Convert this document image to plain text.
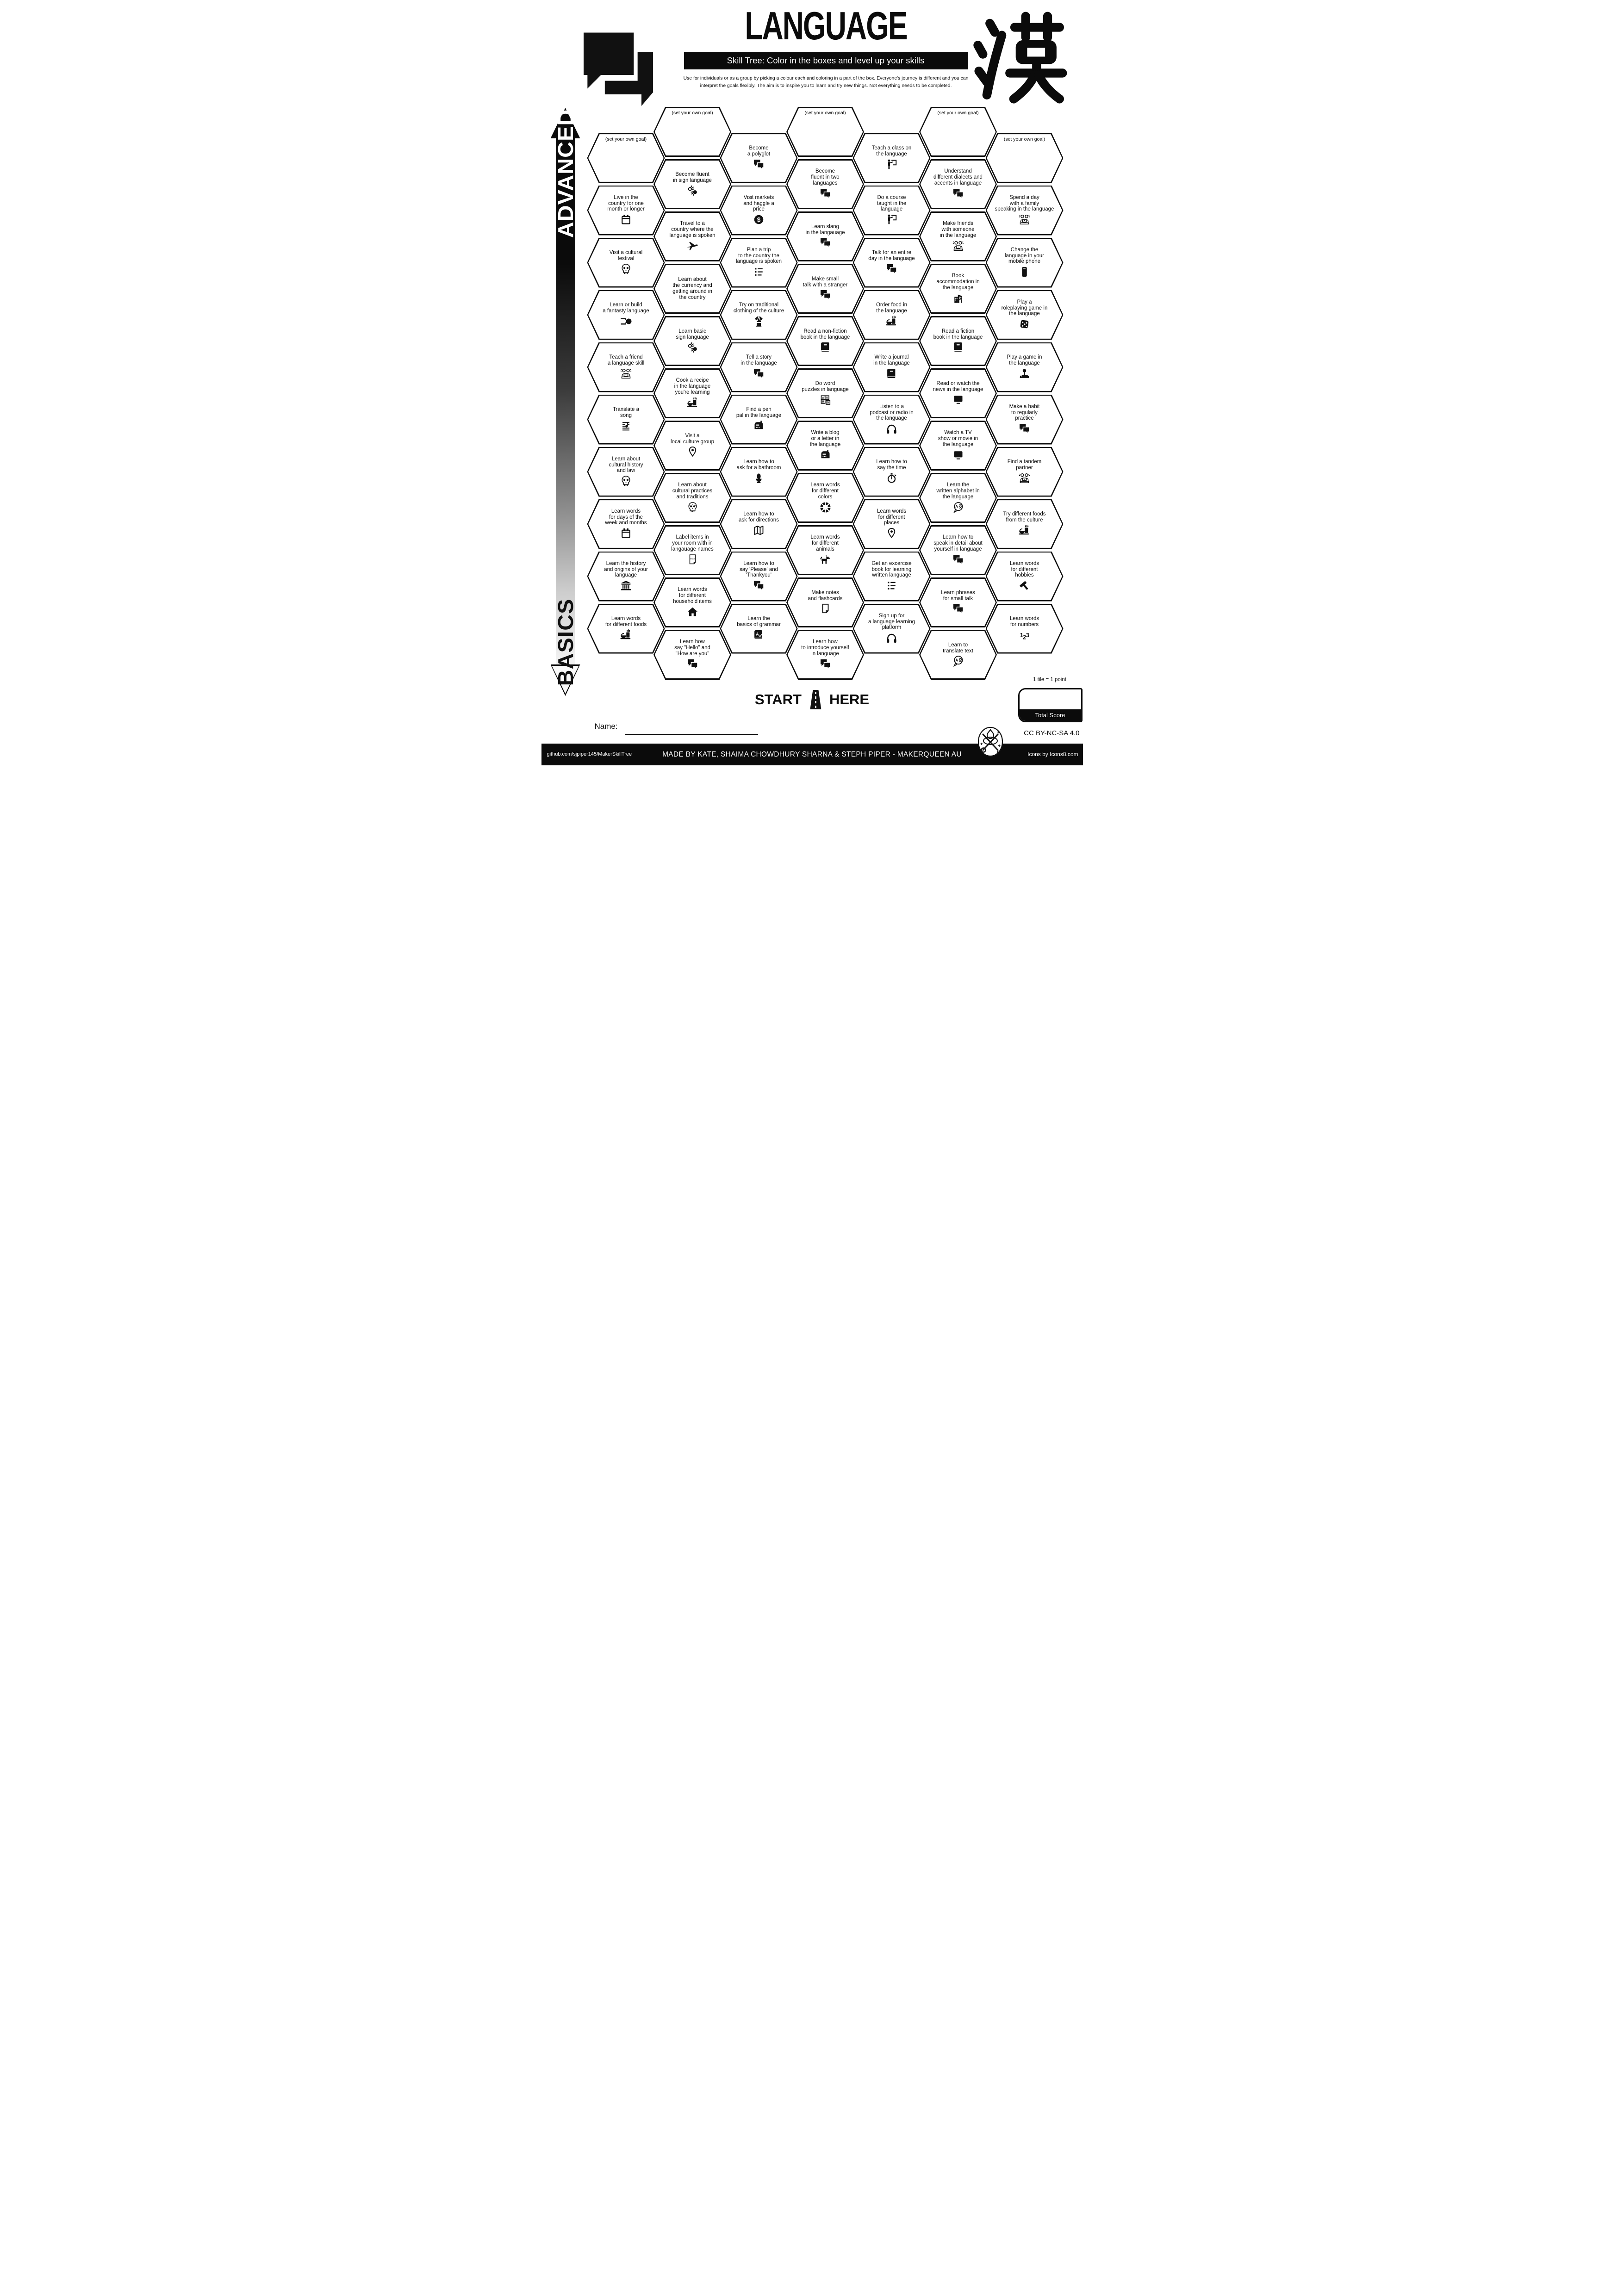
LANGUAGE
Skill Tree: Color in the boxes and level up your skills
Use for individuals or as a group by picking a colour each and coloring in a part of the box. Everyone's journey is different and you can interpret the goals flexibly. The aim is to inspire you to learn and try new things. Not everything needs to be completed.
ADVANCED
BASICS
(set your own goal)
Live in the
country for one
month or longer
Visit a cultural
festival
Learn or build
a fantasty language
Teach a friend
a language skill
Translate a
song
Learn about
cultural history
and law
Learn words
for days of the
week and months
Learn the history
and origins of your
language
Learn words
for different foods
(set your own goal)
Become fluent
in sign language
Travel to a
country where the
language is spoken
Learn about
the currency and
getting around in
the country
Learn basic
sign language
Cook a recipe
in the language
you're learning
Visit a
local culture group
Learn about
cultural practices
and traditions
Label items in
your room with in
langauage names
Learn words
for different
household items
Learn how
say "Hello" and
"How are you"
Become
a polyglot
Visit markets
and haggle a
price
Plan a trip
to the country the
language is spoken
Try on traditional
clothing of the culture
Tell a story
in the language
Find a pen
pal in the language
Learn how to
ask for a bathroom
Learn how to
ask for directions
Learn how to
say 'Please' and
'Thankyou'
Learn the
basics of grammar
(set your own goal)
Become
fluent in two
languages
Learn slang
in the langauage
Make small
talk with a stranger
Read a non-fiction
book in the language
Do word
puzzles in language
Write a blog
or a letter in
the language
Learn words
for different
colors
Learn words
for different
animals
Make notes
and flashcards
Learn how
to introduce yourself
in language
Teach a class on
the language
Do a course
taught in the
language
Talk for an entire
day in the language
Order food in
the language
Write a journal
in the language
Listen to a
podcast or radio in
the language
Learn how to
say the time
Learn words
for different
places
Get an excercise
book for learning
written language
Sign up for
a language learning
platform
(set your own goal)
Understand
different dialects and
accents in language
Make friends
with someone
in the language
Book
accommodation in
the language
Read a fiction
book in the language
Read or watch the
news in the language
Watch a TV
show or movie in
the language
Learn the
written alphabet in
the language
Learn how to
speak in detail about
yourself in language
Learn phrases
for small talk
Learn to
translate text
(set your own goal)
Spend a day
with a family
speaking in the language
Change the
language in your
mobile phone
Play a
roleplaying game in
the language
Play a game in
the language
Make a habit
to regularly
practice
Find a tandem
partner
Try different foods
from the culture
Learn words
for different
hobbies
Learn words
for numbers
START HERE
Name:
1 tile = 1 point
Total Score
CC BY-NC-SA 4.0
github.com/sjpiper145/MakerSkillTree	MADE BY KATE, SHAIMA CHOWDHURY SHARNA & STEPH PIPER - MAKERQUEEN AU	Icons by Icons8.com
